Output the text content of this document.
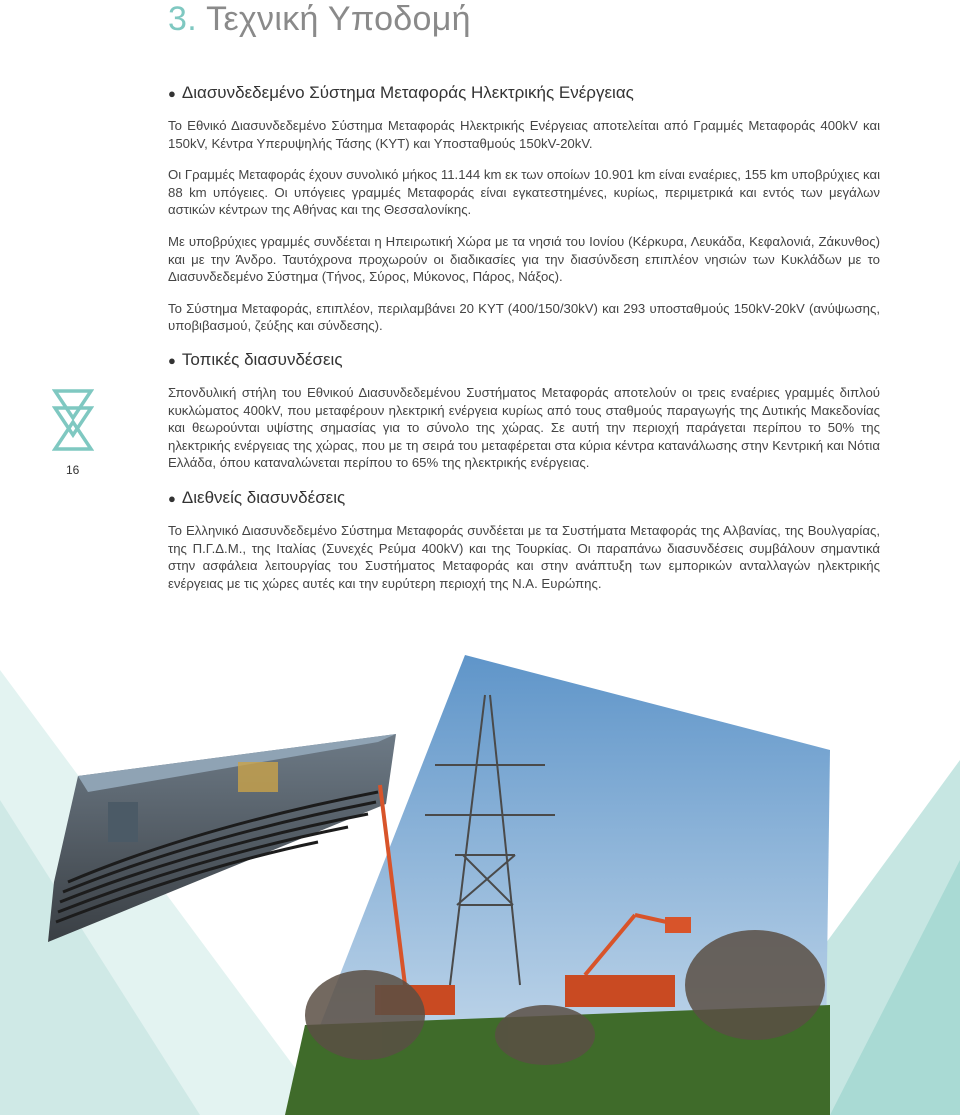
3. Τεχνική Υποδομή
● Διασυνδεδεμένο Σύστημα Μεταφοράς Ηλεκτρικής Ενέργειας

Το Εθνικό Διασυνδεδεμένο Σύστημα Μεταφοράς Ηλεκτρικής Ενέργειας αποτελείται από Γραμμές Μεταφοράς 400kV και 150kV, Κέντρα Υπερυψηλής Τάσης (ΚΥΤ) και Υποσταθμούς 150kV-20kV.

Οι Γραμμές Μεταφοράς έχουν συνολικό μήκος 11.144 km εκ των οποίων 10.901 km είναι εναέριες, 155 km υποβρύχιες και 88 km υπόγειες. Οι υπόγειες γραμμές Μεταφοράς είναι εγκατεστημένες, κυρίως, περιμετρικά και εντός των μεγάλων αστικών κέντρων της Αθήνας και της Θεσσαλονίκης.

Με υποβρύχιες γραμμές συνδέεται η Ηπειρωτική Χώρα με τα νησιά του Ιονίου (Κέρκυρα, Λευκάδα, Κεφαλονιά, Ζάκυνθος) και με την Άνδρο. Ταυτόχρονα προχωρούν οι διαδικασίες για την διασύνδεση επιπλέον νησιών των Κυκλάδων με το Διασυνδεδεμένο Σύστημα (Τήνος, Σύρος, Μύκονος, Πάρος, Νάξος).

Το Σύστημα Μεταφοράς, επιπλέον, περιλαμβάνει 20 ΚΥΤ (400/150/30kV) και 293 υποσταθμούς 150kV-20kV (ανύψωσης, υποβιβασμού, ζεύξης και σύνδεσης).

● Τοπικές διασυνδέσεις

Σπονδυλική στήλη του Εθνικού Διασυνδεδεμένου Συστήματος Μεταφοράς αποτελούν οι τρεις εναέριες γραμμές διπλού κυκλώματος 400kV, που μεταφέρουν ηλεκτρική ενέργεια κυρίως από τους σταθμούς παραγωγής της Δυτικής Μακεδονίας και θεωρούνται υψίστης σημασίας για το σύνολο της χώρας. Σε αυτή την περιοχή παράγεται περίπου το 50% της ηλεκτρικής ενέργειας της χώρας, που με τη σειρά του μεταφέρεται στα κύρια κέντρα κατανάλωσης στην Κεντρική και Νότια Ελλάδα, όπου καταναλώνεται περίπου το 65% της ηλεκτρικής ενέργειας.

● Διεθνείς διασυνδέσεις

Το Ελληνικό Διασυνδεδεμένο Σύστημα Μεταφοράς συνδέεται με τα Συστήματα Μεταφοράς της Αλβανίας, της Βουλγαρίας, της Π.Γ.Δ.Μ., της Ιταλίας (Συνεχές Ρεύμα 400kV) και της Τουρκίας. Οι παραπάνω διασυνδέσεις συμβάλουν σημαντικά στην ασφάλεια λειτουργίας του Συστήματος Μεταφοράς και στην ανάπτυξη των εμπορικών ανταλλαγών ηλεκτρικής ενέργειας με τις χώρες αυτές και την ευρύτερη περιοχή της Ν.Α. Ευρώπης.

16
